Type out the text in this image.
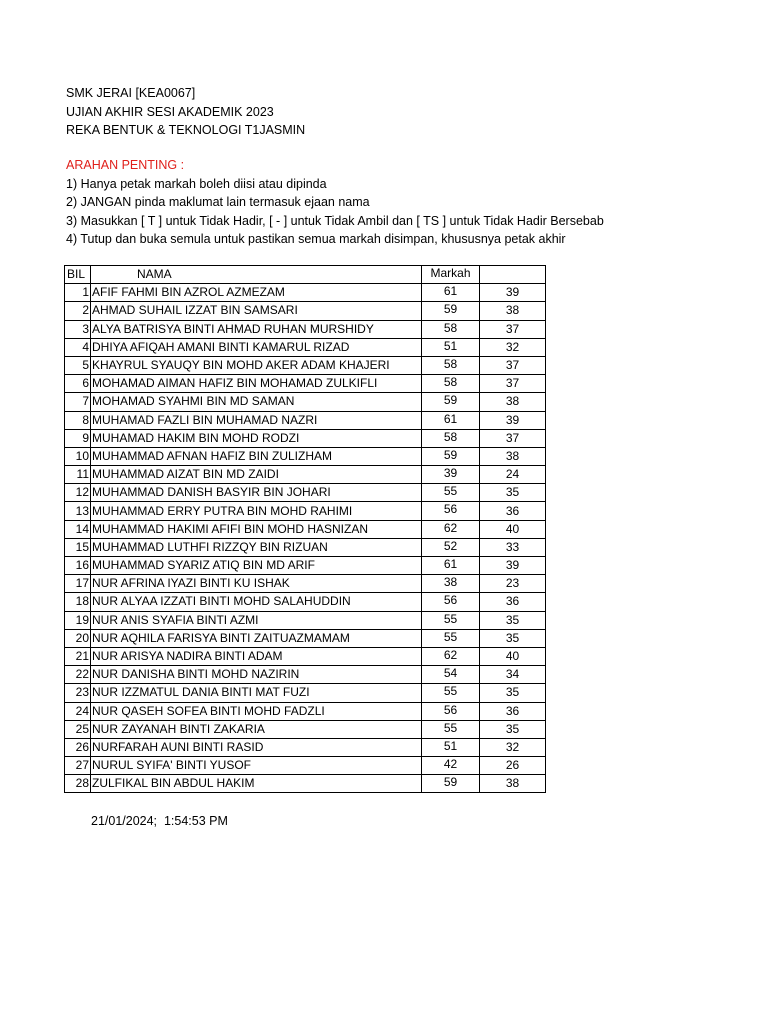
SMK JERAI [KEA0067]
UJIAN AKHIR SESI AKADEMIK 2023
REKA BENTUK & TEKNOLOGI T1JASMIN
ARAHAN PENTING :
1) Hanya petak markah boleh diisi atau dipinda
2) JANGAN pinda maklumat lain termasuk ejaan nama
3) Masukkan [ T ] untuk Tidak Hadir, [ - ] untuk Tidak Ambil dan [ TS ] untuk Tidak Hadir Bersebab
4) Tutup dan buka semula untuk pastikan semua markah disimpan, khususnya petak akhir
BIL	NAMA	Markah	
1	AFIF FAHMI BIN AZROL AZMEZAM	61	39
2	AHMAD SUHAIL IZZAT BIN SAMSARI	59	38
3	ALYA BATRISYA BINTI AHMAD RUHAN MURSHIDY	58	37
4	DHIYA AFIQAH AMANI BINTI KAMARUL RIZAD	51	32
5	KHAYRUL SYAUQY BIN MOHD AKER ADAM KHAJERI	58	37
6	MOHAMAD AIMAN HAFIZ BIN MOHAMAD ZULKIFLI	58	37
7	MOHAMAD SYAHMI BIN MD SAMAN	59	38
8	MUHAMAD FAZLI BIN MUHAMAD NAZRI	61	39
9	MUHAMAD HAKIM BIN MOHD RODZI	58	37
10	MUHAMMAD AFNAN HAFIZ BIN ZULIZHAM	59	38
11	MUHAMMAD AIZAT BIN MD ZAIDI	39	24
12	MUHAMMAD DANISH BASYIR BIN JOHARI	55	35
13	MUHAMMAD ERRY PUTRA BIN MOHD RAHIMI	56	36
14	MUHAMMAD HAKIMI AFIFI BIN MOHD HASNIZAN	62	40
15	MUHAMMAD LUTHFI RIZZQY BIN RIZUAN	52	33
16	MUHAMMAD SYARIZ ATIQ BIN MD ARIF	61	39
17	NUR AFRINA IYAZI BINTI KU ISHAK	38	23
18	NUR ALYAA IZZATI BINTI MOHD SALAHUDDIN	56	36
19	NUR ANIS SYAFIA BINTI AZMI	55	35
20	NUR AQHILA FARISYA BINTI ZAITUAZMAMAM	55	35
21	NUR ARISYA NADIRA BINTI ADAM	62	40
22	NUR DANISHA BINTI MOHD NAZIRIN	54	34
23	NUR IZZMATUL DANIA BINTI MAT FUZI	55	35
24	NUR QASEH SOFEA BINTI MOHD FADZLI	56	36
25	NUR ZAYANAH BINTI ZAKARIA	55	35
26	NURFARAH AUNI BINTI RASID	51	32
27	NURUL SYIFA' BINTI YUSOF	42	26
28	ZULFIKAL BIN ABDUL HAKIM	59	38
21/01/2024;  1:54:53 PM
